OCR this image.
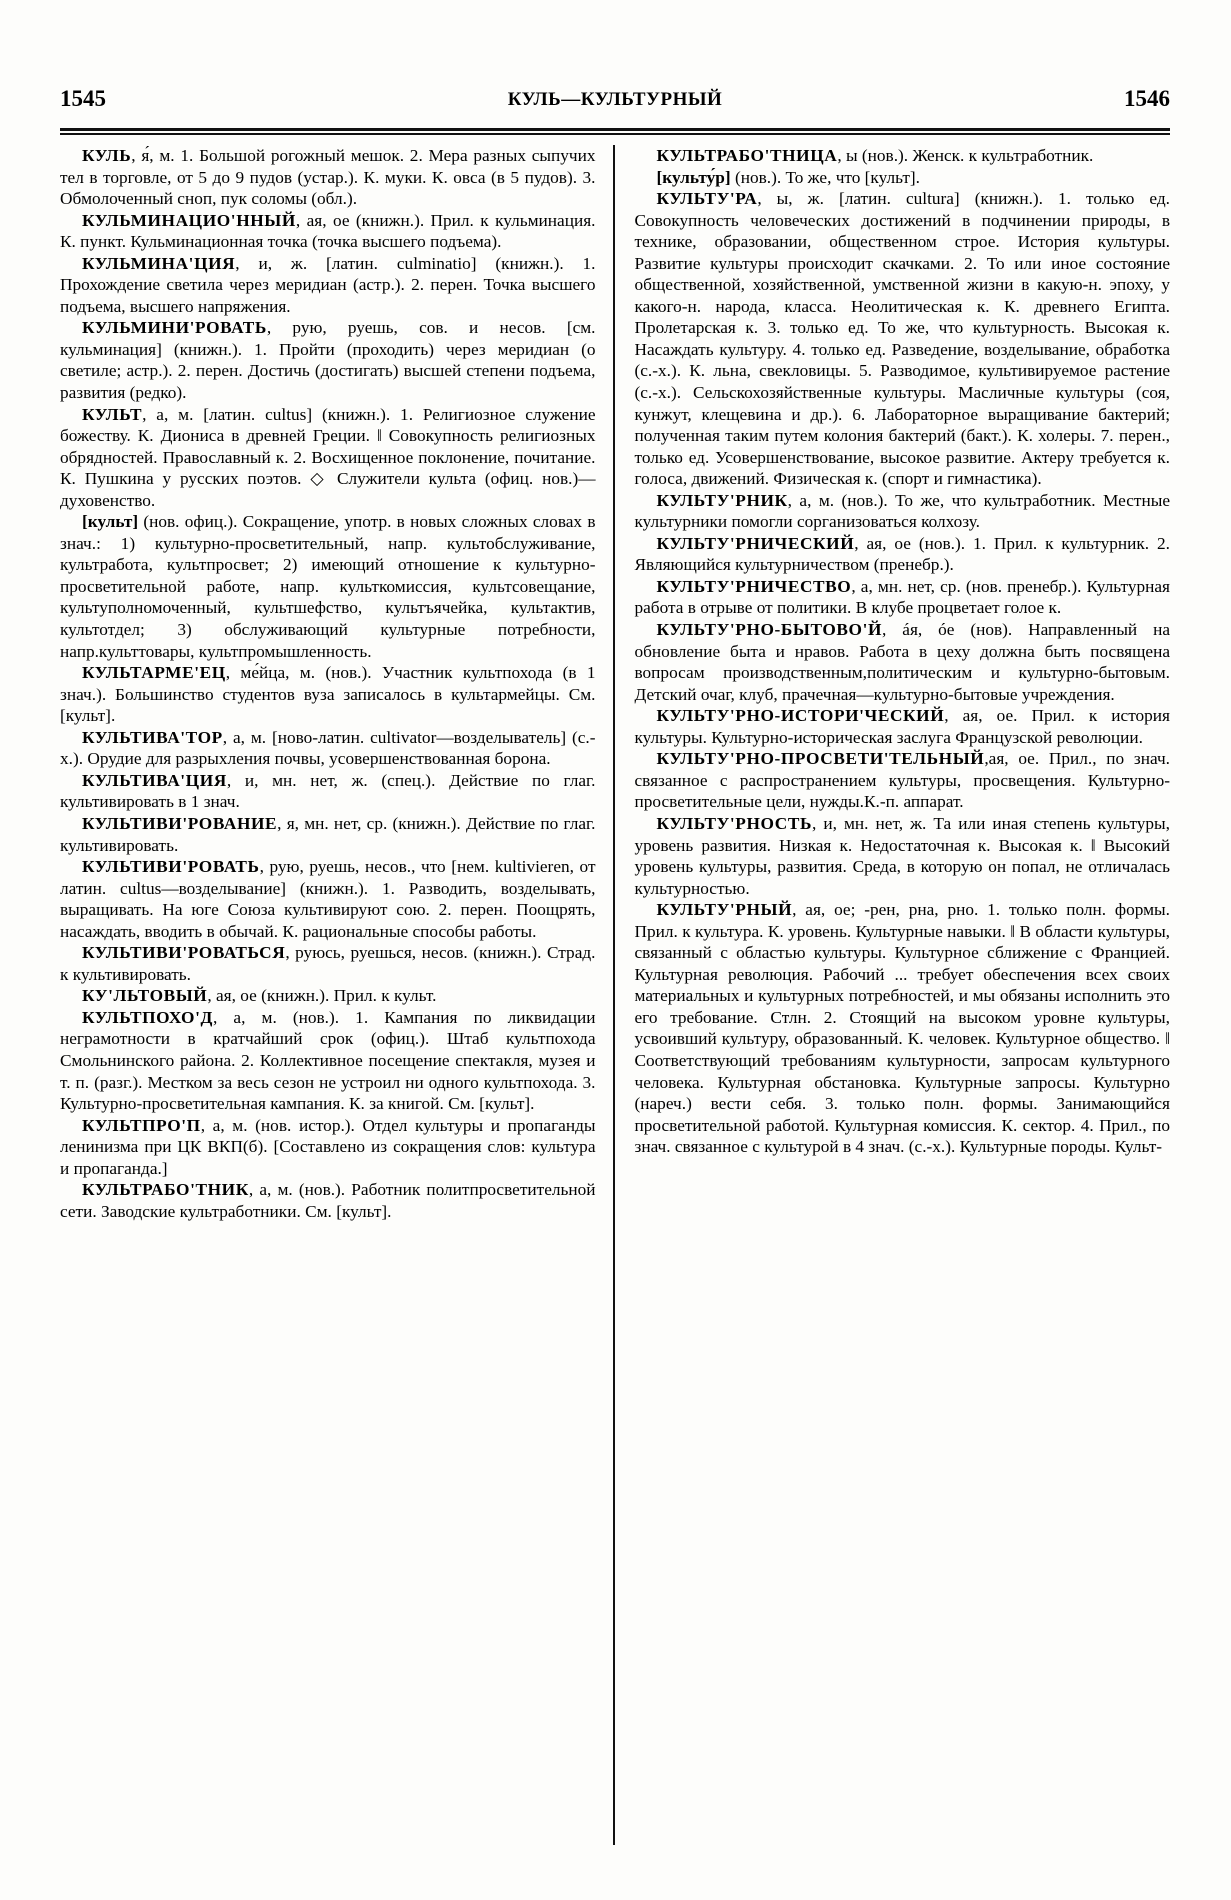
1545	КУЛЬ—КУЛЬТУРНЫЙ	1546

КУЛЬ, я́, м. 1. Большой рогожный мешок. 2. Мера разных сыпучих тел в торговле, от 5 до 9 пудов (устар.). К. муки. К. овса (в 5 пудов). 3. Обмолоченный сноп, пук соломы (обл.).

КУЛЬМИНАЦИО'ННЫЙ, ая, ое (книжн.). Прил. к кульминация. К. пункт. Кульминационная точка (точка высшего подъема).

КУЛЬМИНА'ЦИЯ, и, ж. [латин. culminatio] (книжн.). 1. Прохождение светила через меридиан (астр.). 2. перен. Точка высшего подъема, высшего напряжения.

КУЛЬМИНИ'РОВАТЬ, рую, руешь, сов. и несов. [см. кульминация] (книжн.). 1. Пройти (проходить) через меридиан (о светиле; астр.). 2. перен. Достичь (достигать) высшей степени подъема, развития (редко).

КУЛЬТ, а, м. [латин. cultus] (книжн.). 1. Религиозное служение божеству. К. Диониса в древней Греции. ‖ Совокупность религиозных обрядностей. Православный к. 2. Восхищенное поклонение, почитание. К. Пушкина у русских поэтов. ◇ Служители культа (офиц. нов.)—духовенство.

[культ] (нов. офиц.). Сокращение, употр. в новых сложных словах в знач.: 1) культурно-просветительный, напр. культобслуживание, культработа, культпросвет; 2) имеющий отношение к культурно-просветительной работе, напр. культкомиссия, культсовещание, культуполномоченный, культшефство, культъячейка, культактив, культотдел; 3) обслуживающий культурные потребности, напр.культтовары, культпромышленность.

КУЛЬТАРМЕ'ЕЦ, ме́йца, м. (нов.). Участник культпохода (в 1 знач.). Большинство студентов вуза записалось в культармейцы. См. [культ].

КУЛЬТИВА'ТОР, а, м. [ново-латин. cultivator—возделыватель] (с.-х.). Орудие для разрыхления почвы, усовершенствованная борона.

КУЛЬТИВА'ЦИЯ, и, мн. нет, ж. (спец.). Действие по глаг. культивировать в 1 знач.

КУЛЬТИВИ'РОВАНИЕ, я, мн. нет, ср. (книжн.). Действие по глаг. культивировать.

КУЛЬТИВИ'РОВАТЬ, рую, руешь, несов., что [нем. kultivieren, от латин. cultus—возделывание] (книжн.). 1. Разводить, возделывать, выращивать. На юге Союза культивируют сою. 2. перен. Поощрять, насаждать, вводить в обычай. К. рациональные способы работы.

КУЛЬТИВИ'РОВАТЬСЯ, руюсь, руешься, несов. (книжн.). Страд. к культивировать.

КУ'ЛЬТОВЫЙ, ая, ое (книжн.). Прил. к культ.

КУЛЬТПОХО'Д, а, м. (нов.). 1. Кампания по ликвидации неграмотности в кратчайший срок (офиц.). Штаб культпохода Смольнинского района. 2. Коллективное посещение спектакля, музея и т. п. (разг.). Местком за весь сезон не устроил ни одного культпохода. 3. Культурно-просветительная кампания. К. за книгой. См. [культ].

КУЛЬТПРО'П, а, м. (нов. истор.). Отдел культуры и пропаганды ленинизма при ЦК ВКП(б). [Составлено из сокращения слов: культура и пропаганда.]

КУЛЬТРАБО'ТНИК, а, м. (нов.). Работник политпросветительной сети. Заводские культработники. См. [культ].

КУЛЬТРАБО'ТНИЦА, ы (нов.). Женск. к культработник.

[культу́р] (нов.). То же, что [культ].

КУЛЬТУ'РА, ы, ж. [латин. cultura] (книжн.). 1. только ед. Совокупность человеческих достижений в подчинении природы, в технике, образовании, общественном строе. История культуры. Развитие культуры происходит скачками. 2. То или иное состояние общественной, хозяйственной, умственной жизни в какую-н. эпоху, у какого-н. народа, класса. Неолитическая к. К. древнего Египта. Пролетарская к. 3. только ед. То же, что культурность. Высокая к. Насаждать культуру. 4. только ед. Разведение, возделывание, обработка (с.-х.). К. льна, свекловицы. 5. Разводимое, культивируемое растение (с.-х.). Сельскохозяйственные культуры. Масличные культуры (соя, кунжут, клещевина и др.). 6. Лабораторное выращивание бактерий; полученная таким путем колония бактерий (бакт.). К. холеры. 7. перен., только ед. Усовершенствование, высокое развитие. Актеру требуется к. голоса, движений. Физическая к. (спорт и гимнастика).

КУЛЬТУ'РНИК, а, м. (нов.). То же, что культработник. Местные культурники помогли сорганизоваться колхозу.

КУЛЬТУ'РНИЧЕСКИЙ, ая, ое (нов.). 1. Прил. к культурник. 2. Являющийся культурничеством (пренебр.).

КУЛЬТУ'РНИЧЕСТВО, а, мн. нет, ср. (нов. пренебр.). Культурная работа в отрыве от политики. В клубе процветает голое к.

КУЛЬТУ'РНО-БЫТОВО'Й, áя, óе (нов). Направленный на обновление быта и нравов. Работа в цеху должна быть посвящена вопросам производственным,политическим и культурно-бытовым. Детский очаг, клуб, прачечная—культурно-бытовые учреждения.

КУЛЬТУ'РНО-ИСТОРИ'ЧЕСКИЙ, ая, ое. Прил. к история культуры. Культурно-историческая заслуга Французской революции.

КУЛЬТУ'РНО-ПРОСВЕТИ'ТЕЛЬНЫЙ,ая, ое. Прил., по знач. связанное с распространением культуры, просвещения. Культурно-просветительные цели, нужды.К.-п. аппарат.

КУЛЬТУ'РНОСТЬ, и, мн. нет, ж. Та или иная степень культуры, уровень развития. Низкая к. Недостаточная к. Высокая к. ‖ Высокий уровень культуры, развития. Среда, в которую он попал, не отличалась культурностью.

КУЛЬТУ'РНЫЙ, ая, ое; -рен, рна, рно. 1. только полн. формы. Прил. к культура. К. уровень. Культурные навыки. ‖ В области культуры, связанный с областью культуры. Культурное сближение с Францией. Культурная революция. Рабочий ... требует обеспечения всех своих материальных и культурных потребностей, и мы обязаны исполнить это его требование. Стлн. 2. Стоящий на высоком уровне культуры, усвоивший культуру, образованный. К. человек. Культурное общество. ‖ Соответствующий требованиям культурности, запросам культурного человека. Культурная обстановка. Культурные запросы. Культурно (нареч.) вести себя. 3. только полн. формы. Занимающийся просветительной работой. Культурная комиссия. К. сектор. 4. Прил., по знач. связанное с культурой в 4 знач. (с.-х.). Культурные породы. Культ-
